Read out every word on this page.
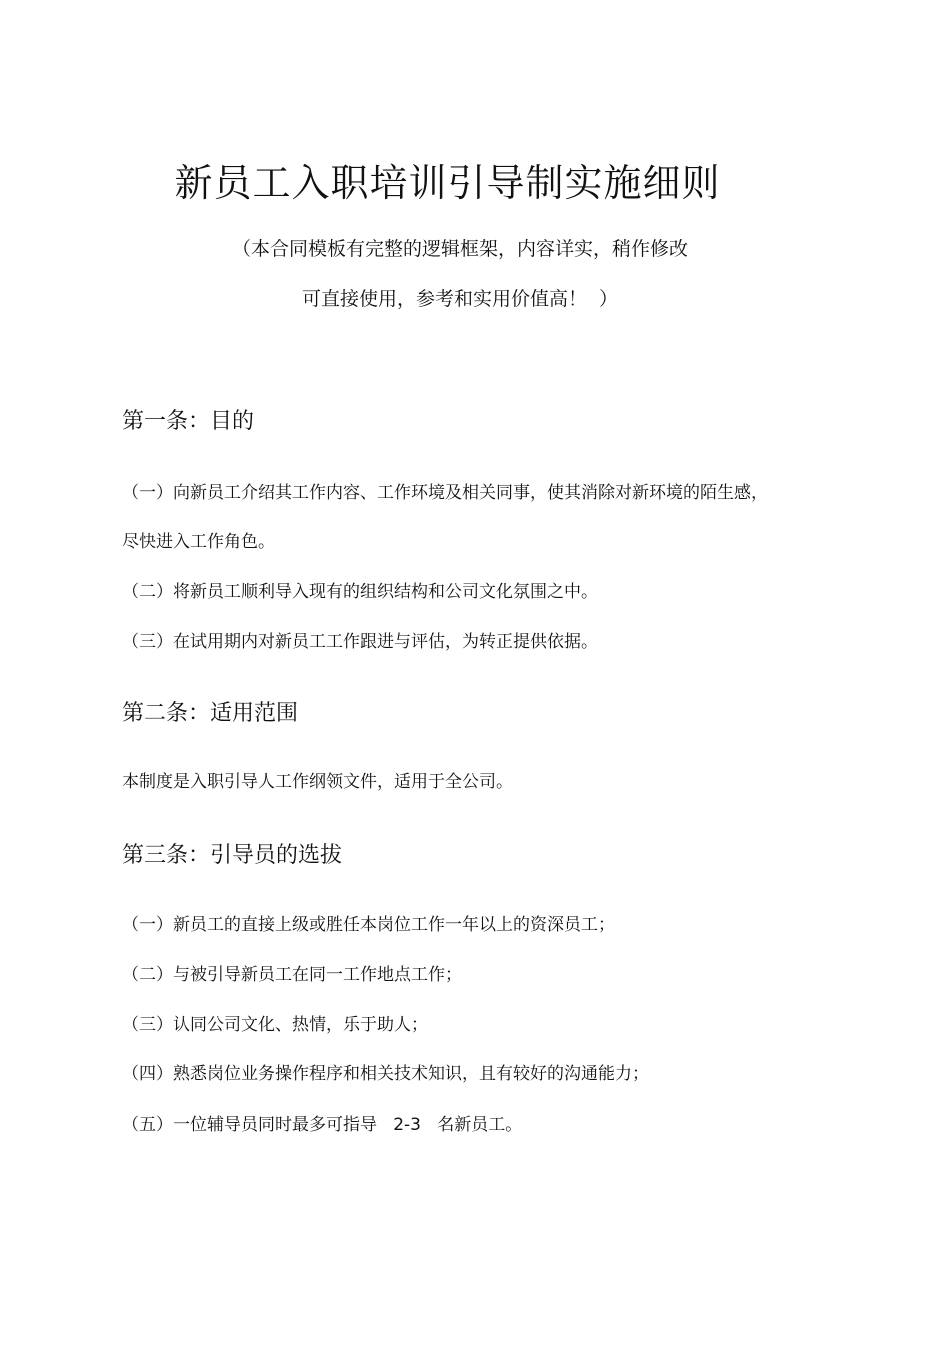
新员工入职培训引导制实施细则
（本合同模板有完整的逻辑框架，内容详实，稍作修改
可直接使用，参考和实用价值高！  ）
第一条：目的
（一）向新员工介绍其工作内容、工作环境及相关同事，使其消除对新环境的陌生感，
尽快进入工作角色。
（二）将新员工顺利导入现有的组织结构和公司文化氛围之中。
（三）在试用期内对新员工工作跟进与评估，为转正提供依据。
第二条：适用范围
本制度是入职引导人工作纲领文件，适用于全公司。
第三条：引导员的选拔
（一）新员工的直接上级或胜任本岗位工作一年以上的资深员工；
（二）与被引导新员工在同一工作地点工作；
（三）认同公司文化、热情，乐于助人；
（四）熟悉岗位业务操作程序和相关技术知识，且有较好的沟通能力；
（五）一位辅导员同时最多可指导   2-3   名新员工。
